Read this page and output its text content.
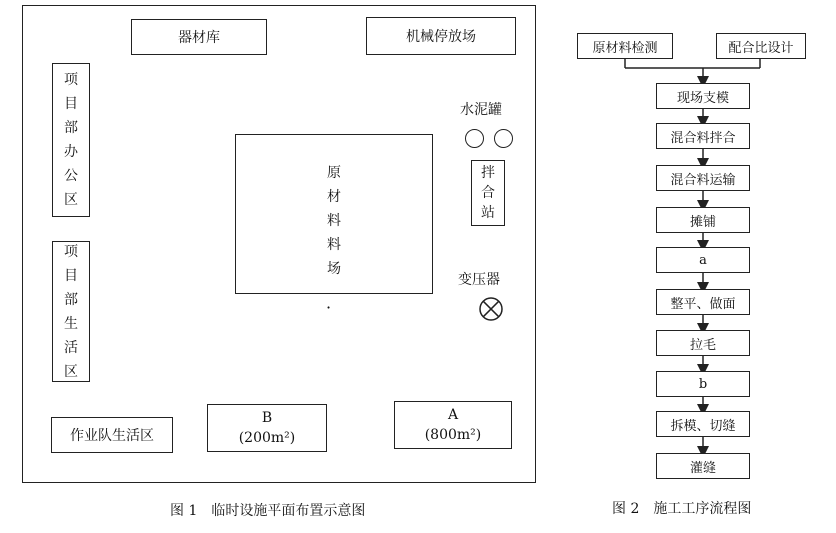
器材库	机械停放场
项
目
部
办
公
区
项
目
部
生
活
区
原
材
料
料
场
·
水泥罐
拌
合
站
变压器
作业队生活区
B
(200m²)
A
(800m²)
图 1　临时设施平面布置示意图
原材料检测	配合比设计
现场支模
混合料拌合
混合料运输
摊铺
a
整平、做面
拉毛
b
拆模、切缝
灌缝
图 2　施工工序流程图
